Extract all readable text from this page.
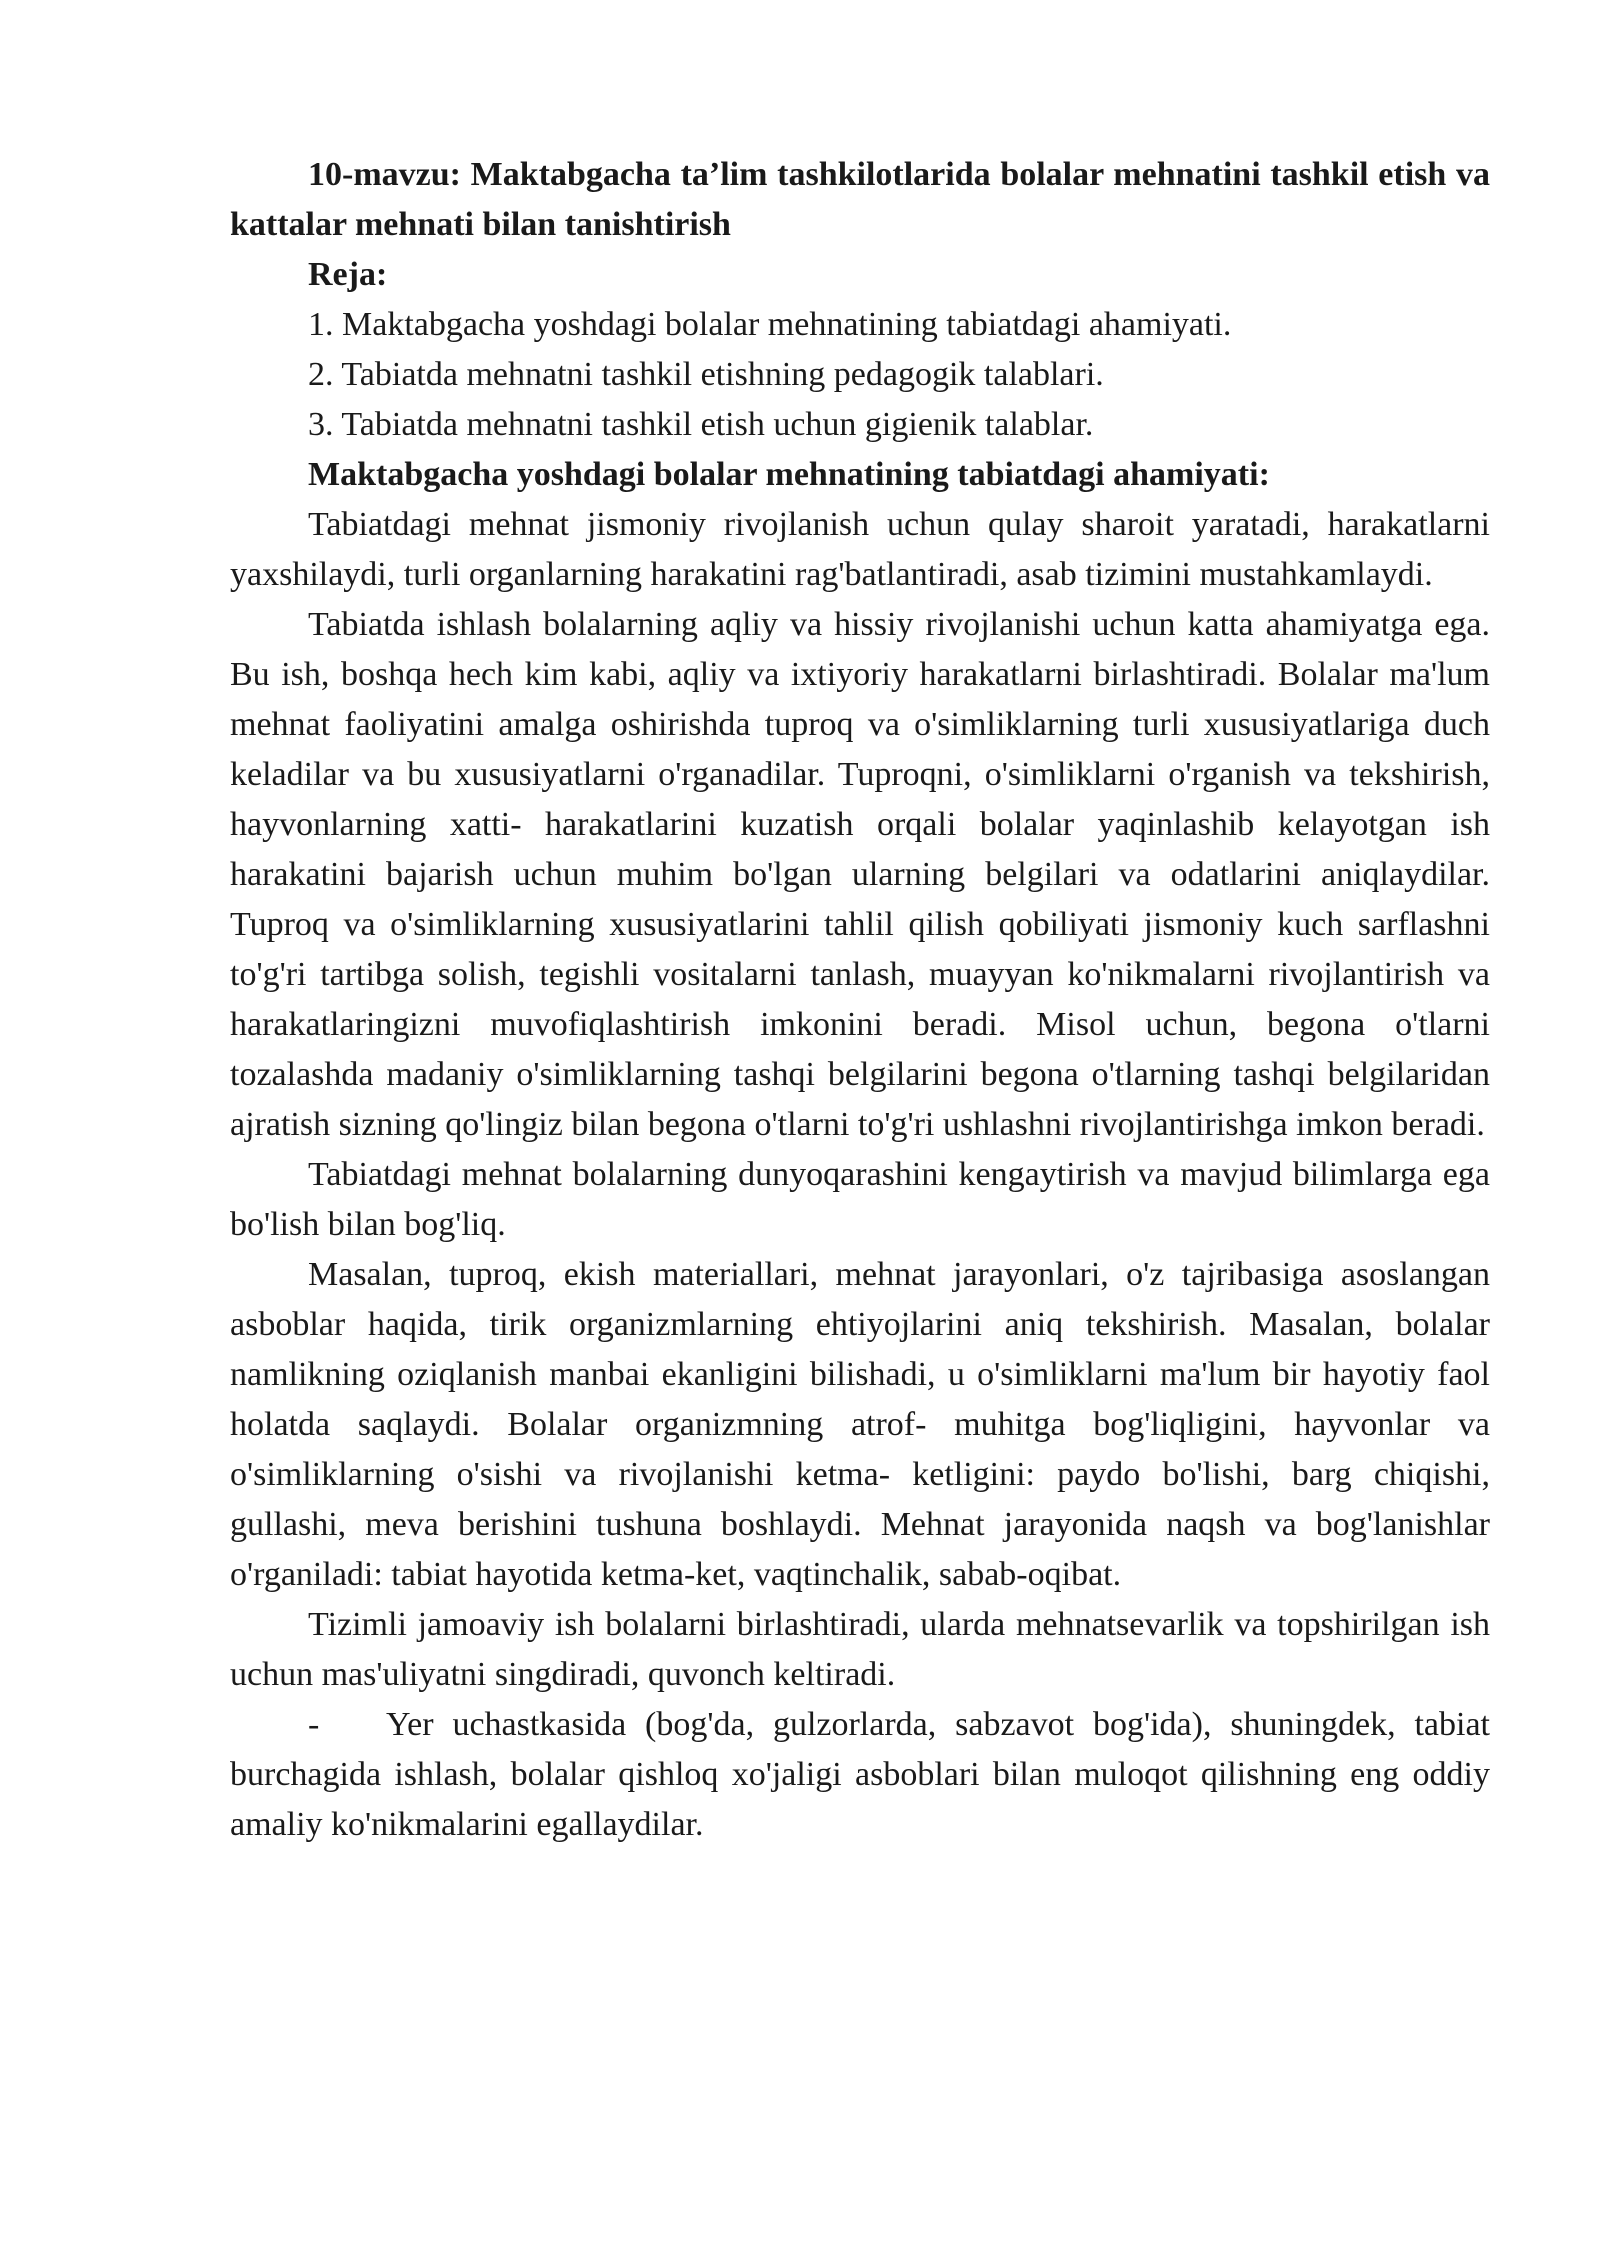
10-mavzu: Maktabgacha ta’lim tashkilotlarida bolalar mehnatini tashkil etish va kattalar mehnati bilan tanishtirish

Reja:

1. Maktabgacha yoshdagi bolalar mehnatining tabiatdagi ahamiyati.

2. Tabiatda mehnatni tashkil etishning pedagogik talablari.

3. Tabiatda mehnatni tashkil etish uchun gigienik talablar.

Maktabgacha yoshdagi bolalar mehnatining tabiatdagi ahamiyati:

Tabiatdagi mehnat jismoniy rivojlanish uchun qulay sharoit yaratadi, harakatlarni yaxshilaydi, turli organlarning harakatini rag'batlantiradi, asab tizimini mustahkamlaydi.

Tabiatda ishlash bolalarning aqliy va hissiy rivojlanishi uchun katta ahamiyatga ega. Bu ish, boshqa hech kim kabi, aqliy va ixtiyoriy harakatlarni birlashtiradi. Bolalar ma'lum mehnat faoliyatini amalga oshirishda tuproq va o'simliklarning turli xususiyatlariga duch keladilar va bu xususiyatlarni o'rganadilar. Tuproqni, o'simliklarni o'rganish va tekshirish, hayvonlarning xatti- harakatlarini kuzatish orqali bolalar yaqinlashib kelayotgan ish harakatini bajarish uchun muhim bo'lgan ularning belgilari va odatlarini aniqlaydilar. Tuproq va o'simliklarning xususiyatlarini tahlil qilish qobiliyati jismoniy kuch sarflashni to'g'ri tartibga solish, tegishli vositalarni tanlash, muayyan ko'nikmalarni rivojlantirish va harakatlaringizni muvofiqlashtirish imkonini beradi. Misol uchun, begona o'tlarni tozalashda madaniy o'simliklarning tashqi belgilarini begona o'tlarning tashqi belgilaridan ajratish sizning qo'lingiz bilan begona o'tlarni to'g'ri ushlashni rivojlantirishga imkon beradi.

Tabiatdagi mehnat bolalarning dunyoqarashini kengaytirish va mavjud bilimlarga ega bo'lish bilan bog'liq.

Masalan, tuproq, ekish materiallari, mehnat jarayonlari, o'z tajribasiga asoslangan asboblar haqida, tirik organizmlarning ehtiyojlarini aniq tekshirish. Masalan, bolalar namlikning oziqlanish manbai ekanligini bilishadi, u o'simliklarni ma'lum bir hayotiy faol holatda saqlaydi. Bolalar organizmning atrof- muhitga bog'liqligini, hayvonlar va o'simliklarning o'sishi va rivojlanishi ketma- ketligini: paydo bo'lishi, barg chiqishi, gullashi, meva berishini tushuna boshlaydi. Mehnat jarayonida naqsh va bog'lanishlar o'rganiladi: tabiat hayotida ketma-ket, vaqtinchalik, sabab-oqibat.

Tizimli jamoaviy ish bolalarni birlashtiradi, ularda mehnatsevarlik va topshirilgan ish uchun mas'uliyatni singdiradi, quvonch keltiradi.

- Yer uchastkasida (bog'da, gulzorlarda, sabzavot bog'ida), shuningdek, tabiat burchagida ishlash, bolalar qishloq xo'jaligi asboblari bilan muloqot qilishning eng oddiy amaliy ko'nikmalarini egallaydilar.
